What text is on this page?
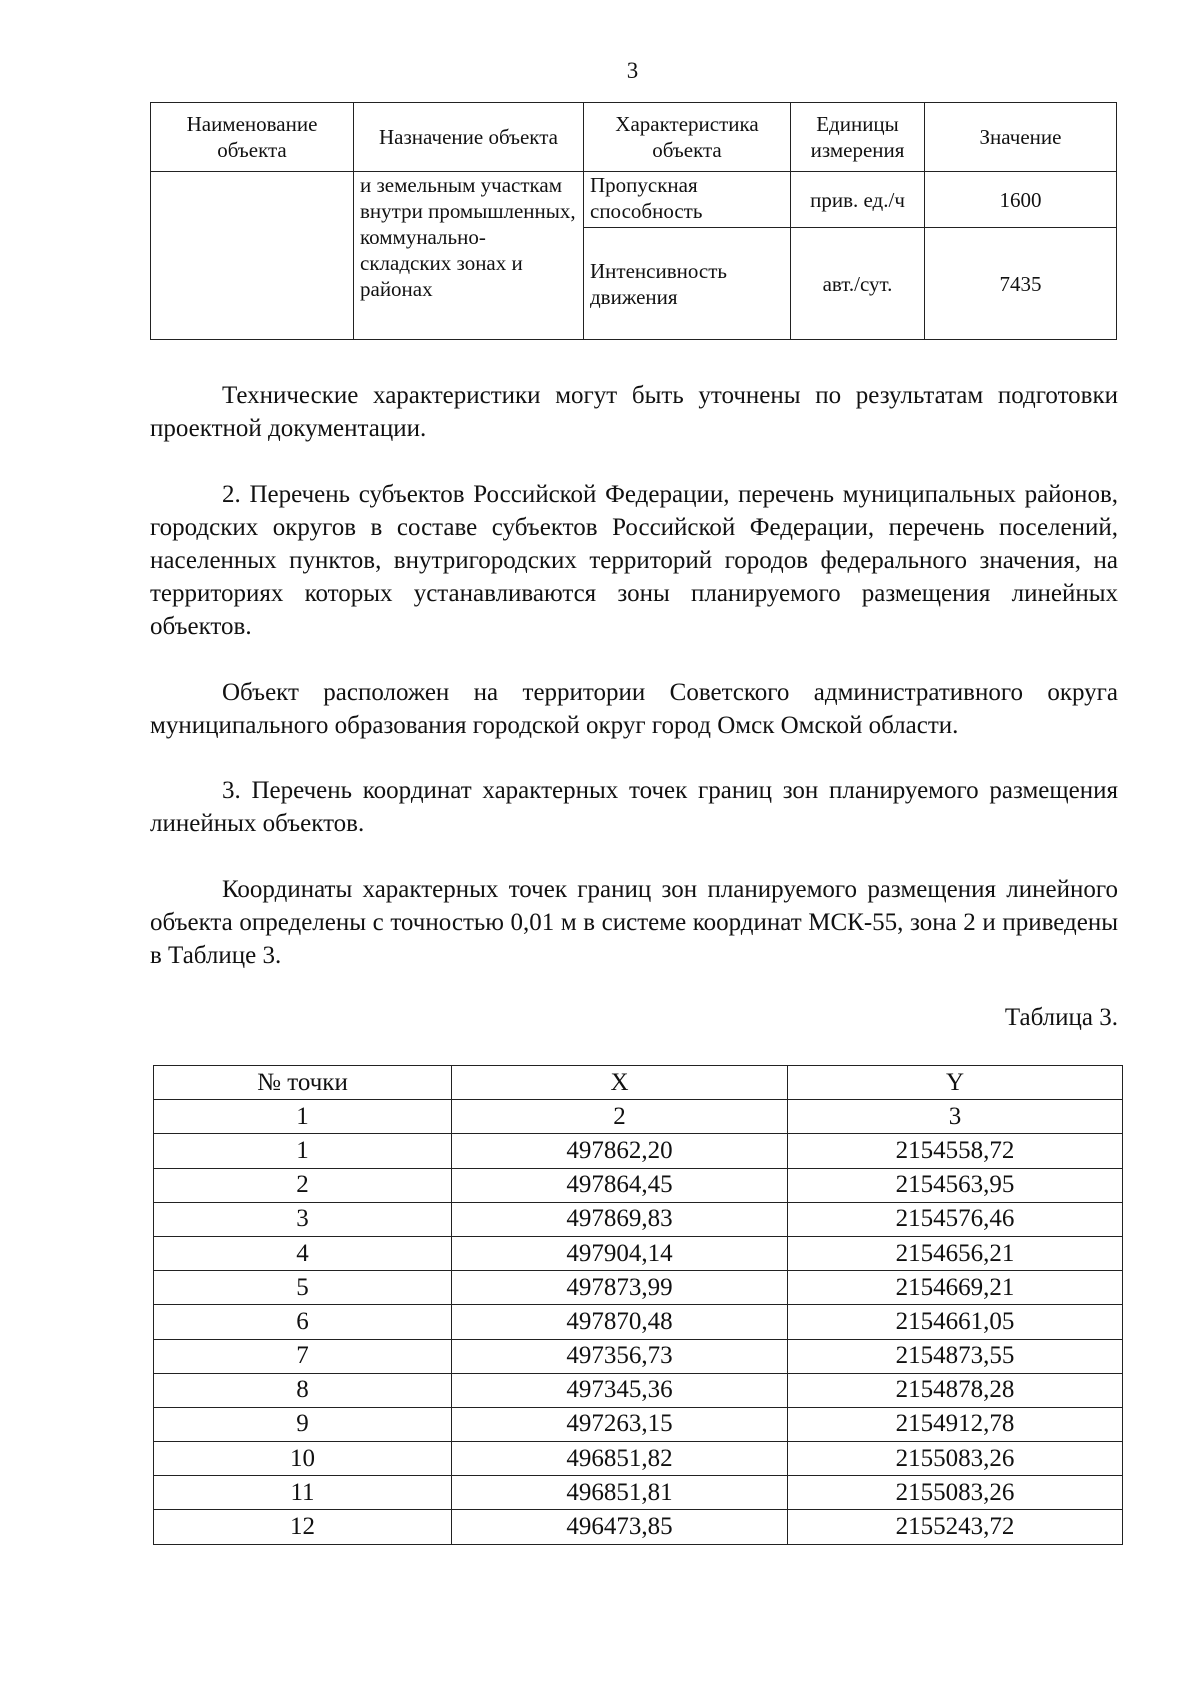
3
Наименование объекта	Назначение объекта	Характеристика объекта	Единицы измерения	Значение
	и земельным участкам внутри промышленных, коммунально-складских зонах и районах	Пропускная способность	прив. ед./ч	1600
		Интенсивность движения	авт./сут.	7435
Технические характеристики могут быть уточнены по результатам подготовки проектной документации.
2. Перечень субъектов Российской Федерации, перечень муниципальных районов, городских округов в составе субъектов Российской Федерации, перечень поселений, населенных пунктов, внутригородских территорий городов федерального значения, на территориях которых устанавливаются зоны планируемого размещения линейных объектов.
Объект расположен на территории Советского административного округа муниципального образования городской округ город Омск Омской области.
3. Перечень координат характерных точек границ зон планируемого размещения линейных объектов.
Координаты характерных точек границ зон планируемого размещения линейного объекта определены с точностью 0,01 м в системе координат МСК-55, зона 2 и приведены в Таблице 3.
Таблица 3.
№ точки	X	Y
1	2	3
1	497862,20	2154558,72
2	497864,45	2154563,95
3	497869,83	2154576,46
4	497904,14	2154656,21
5	497873,99	2154669,21
6	497870,48	2154661,05
7	497356,73	2154873,55
8	497345,36	2154878,28
9	497263,15	2154912,78
10	496851,82	2155083,26
11	496851,81	2155083,26
12	496473,85	2155243,72
